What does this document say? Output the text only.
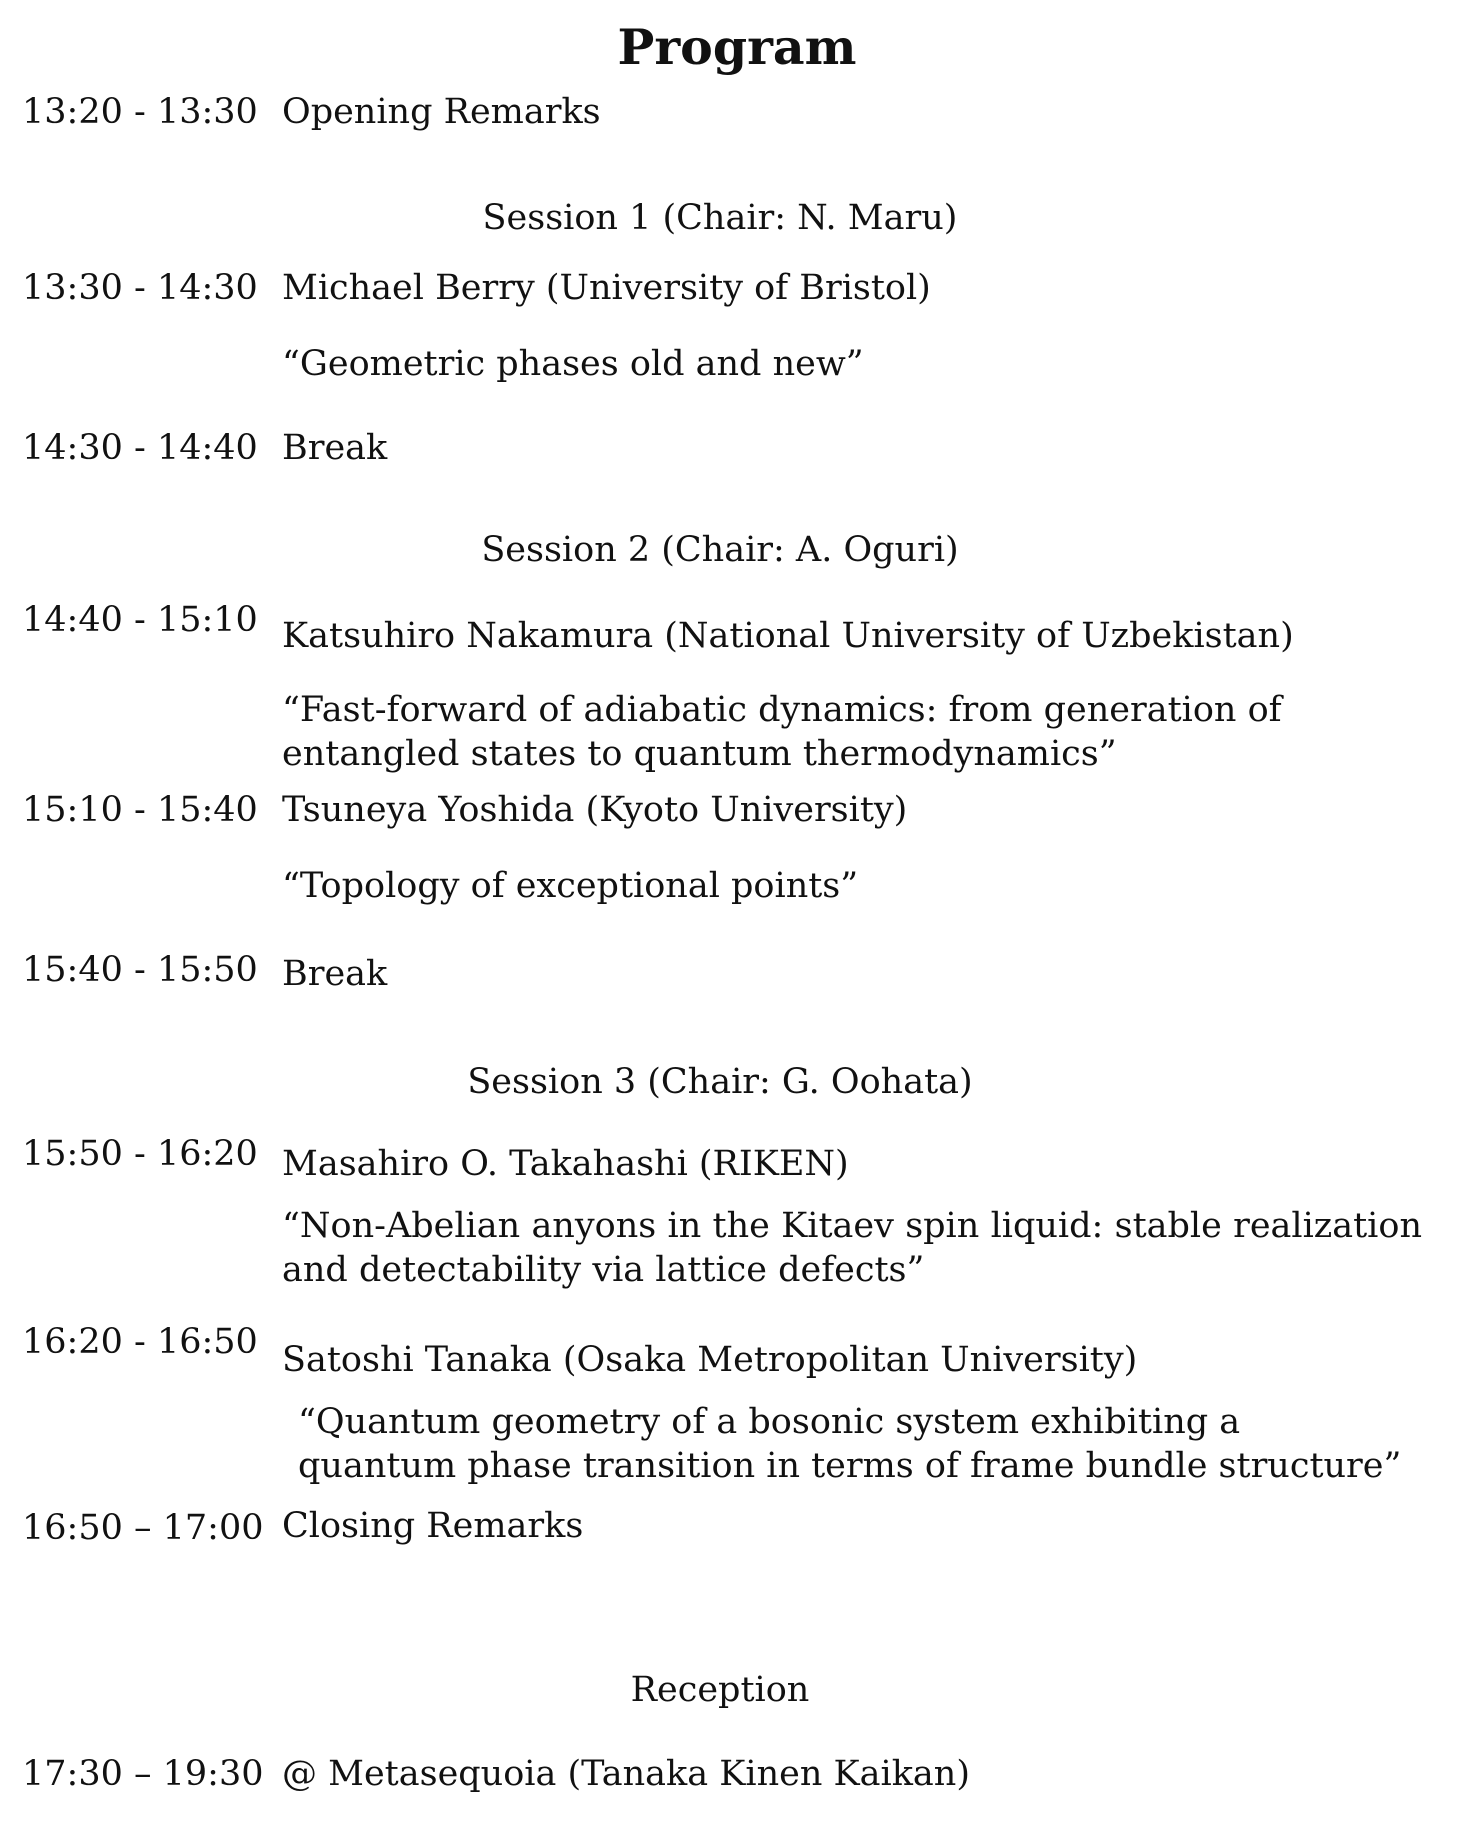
Program
13:20 - 13:30 Opening Remarks
Session 1 (Chair: N. Maru)
13:30 - 14:30 Michael Berry (University of Bristol)
“Geometric phases old and new”
14:30 - 14:40 Break
Session 2 (Chair: A. Oguri)
14:40 - 15:10 Katsuhiro Nakamura (National University of Uzbekistan)
“Fast-forward of adiabatic dynamics: from generation of entangled states to quantum thermodynamics”
15:10 - 15:40 Tsuneya Yoshida (Kyoto University)
“Topology of exceptional points”
15:40 - 15:50 Break
Session 3 (Chair: G. Oohata)
15:50 - 16:20 Masahiro O. Takahashi (RIKEN)
“Non-Abelian anyons in the Kitaev spin liquid: stable realization and detectability via lattice defects”
16:20 - 16:50 Satoshi Tanaka (Osaka Metropolitan University)
“Quantum geometry of a bosonic system exhibiting a quantum phase transition in terms of frame bundle structure”
16:50 – 17:00 Closing Remarks
Reception
17:30 – 19:30 @ Metasequoia (Tanaka Kinen Kaikan)
